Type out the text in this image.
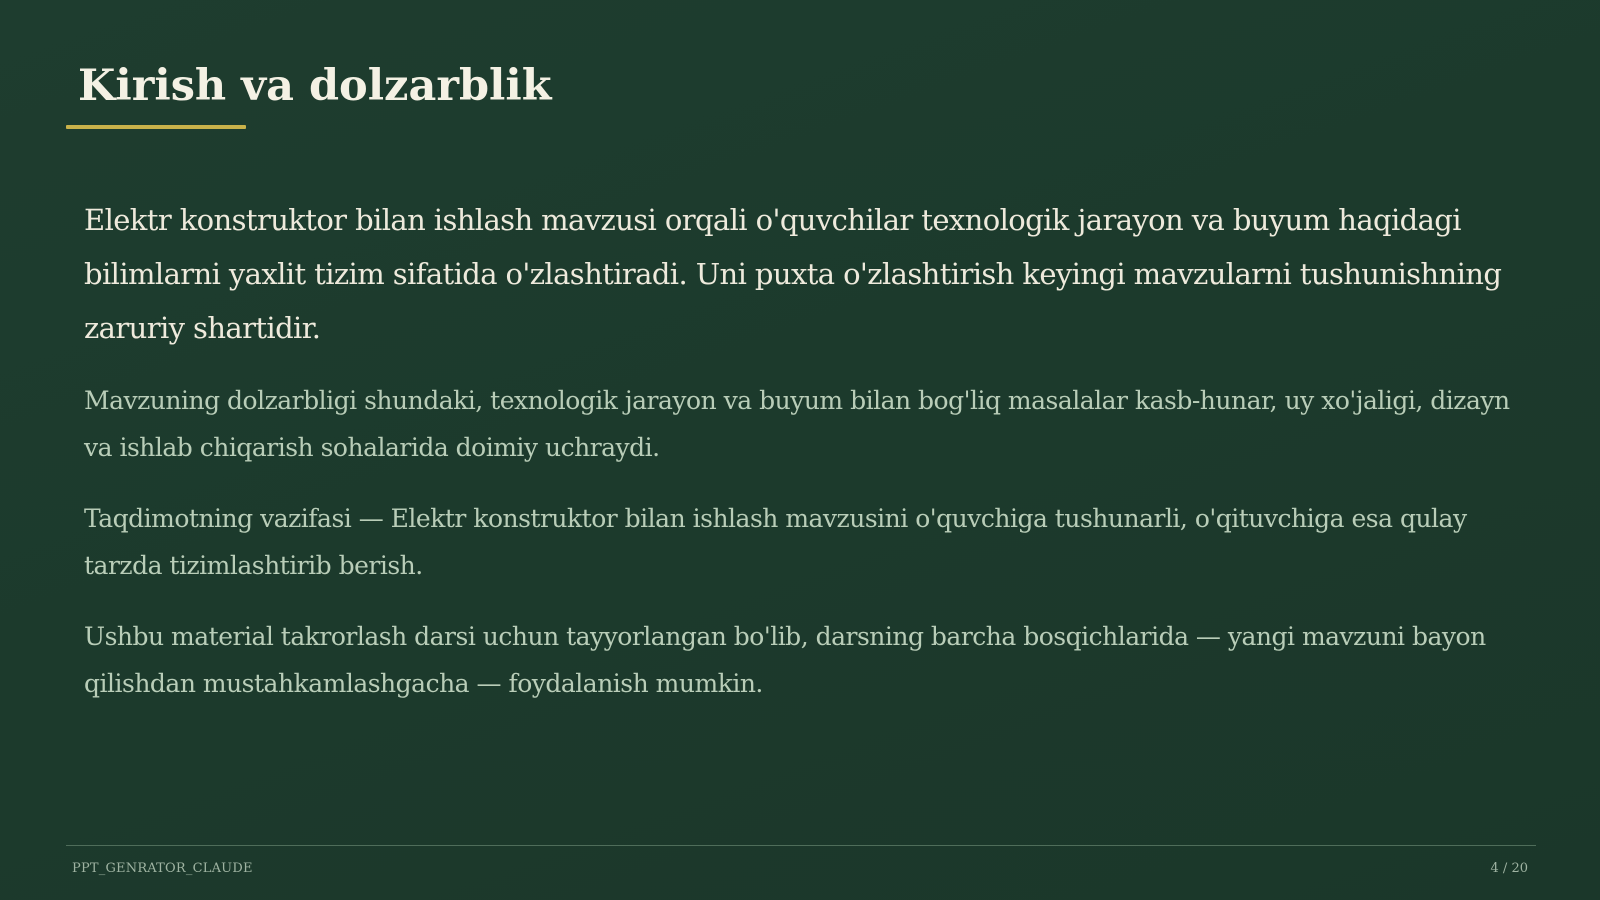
Kirish va dolzarblik

Elektr konstruktor bilan ishlash mavzusi orqali o'quvchilar texnologik jarayon va buyum haqidagi bilimlarni yaxlit tizim sifatida o'zlashtiradi. Uni puxta o'zlashtirish keyingi mavzularni tushunishning zaruriy shartidir.

Mavzuning dolzarbligi shundaki, texnologik jarayon va buyum bilan bog'liq masalalar kasb-hunar, uy xo'jaligi, dizayn va ishlab chiqarish sohalarida doimiy uchraydi.

Taqdimotning vazifasi — Elektr konstruktor bilan ishlash mavzusini o'quvchiga tushunarli, o'qituvchiga esa qulay tarzda tizimlashtirib berish.

Ushbu material takrorlash darsi uchun tayyorlangan bo'lib, darsning barcha bosqichlarida — yangi mavzuni bayon qilishdan mustahkamlashgacha — foydalanish mumkin.

PPT_GENRATOR_CLAUDE	4 / 20
